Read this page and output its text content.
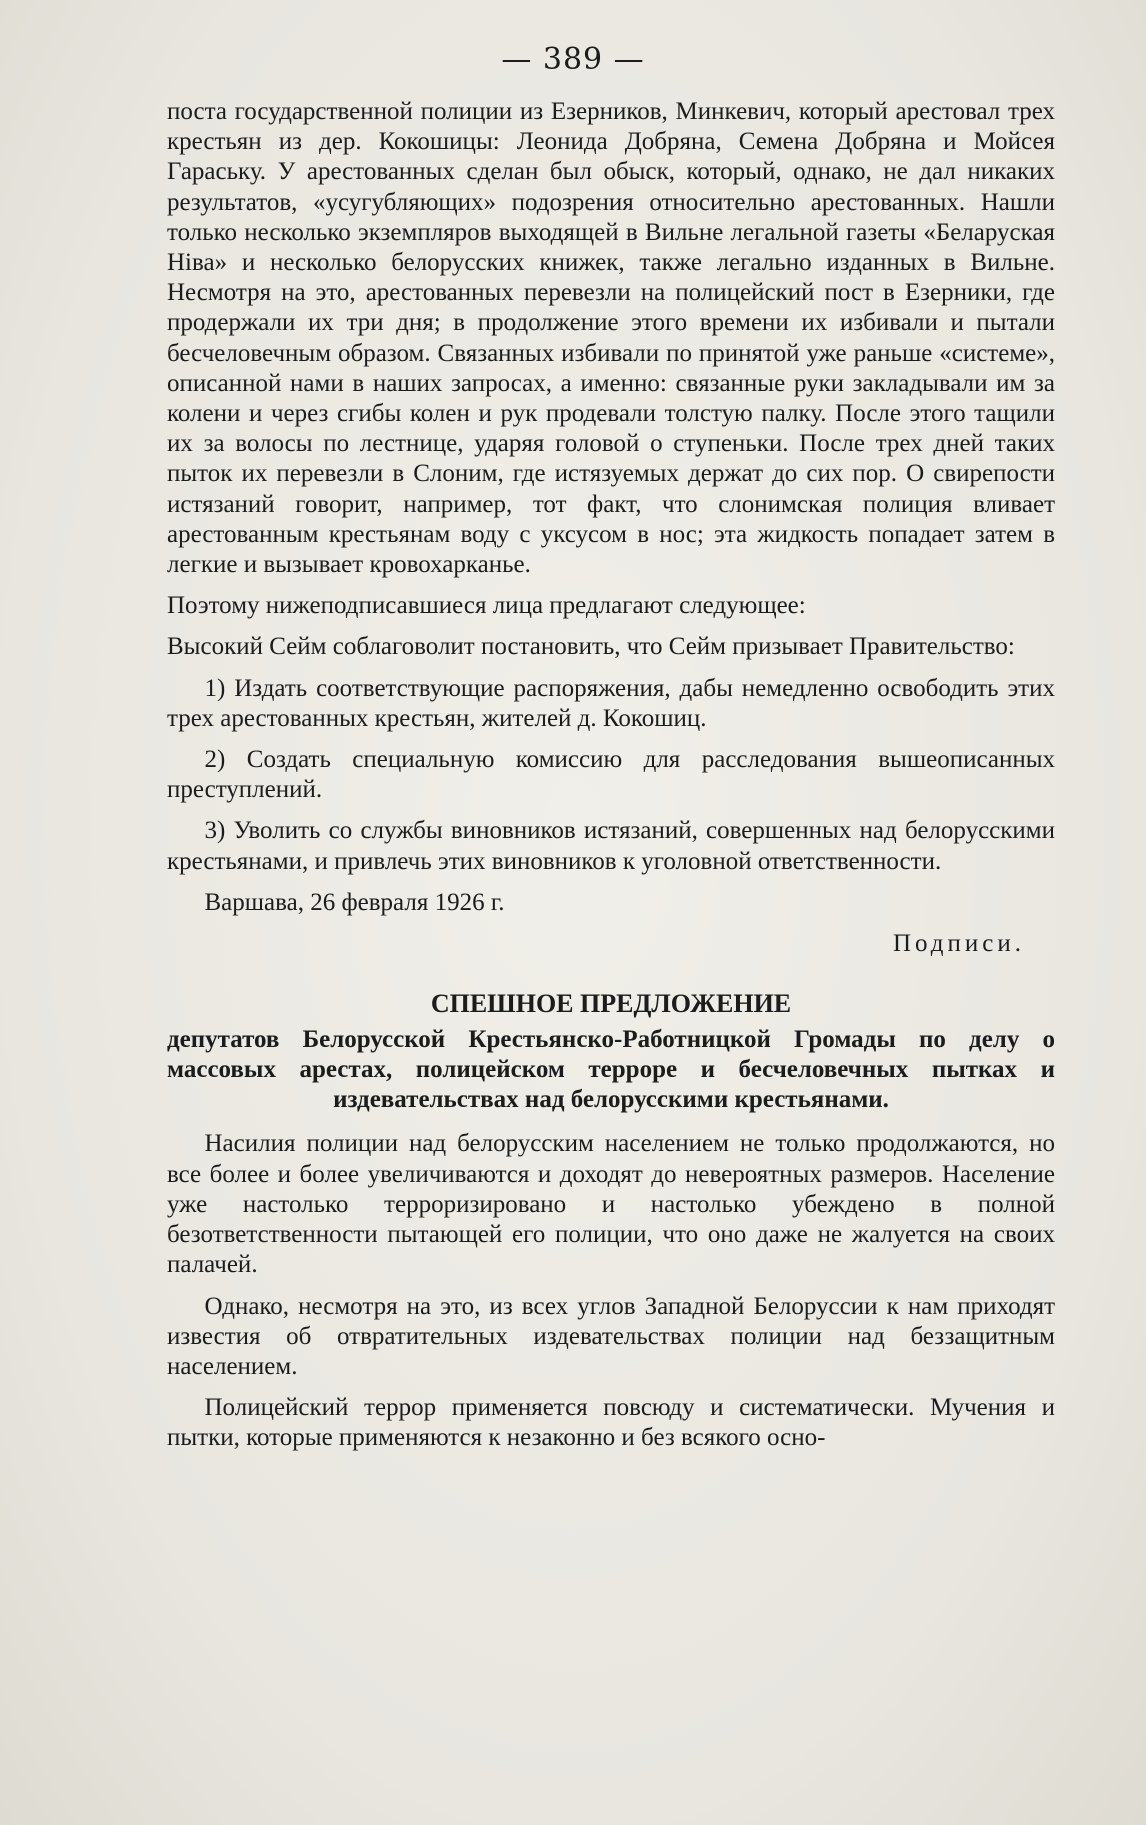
— 389 —

поста государственной полиции из Езерников, Минкевич, который арестовал трех крестьян из дер. Кокошицы: Леонида Добряна, Семена Добряна и Мойсея Гараську. У арестованных сделан был обыск, который, однако, не дал никаких результатов, «усугубляющих» подозрения относительно арестованных. Нашли только несколько экземпляров выходящей в Вильне легальной газеты «Беларуская Ніва» и несколько белорусских книжек, также легально изданных в Вильне. Несмотря на это, арестованных перевезли на полицейский пост в Езерники, где продержали их три дня; в продолжение этого времени их избивали и пытали бесчеловечным образом. Связанных избивали по принятой уже раньше «системе», описанной нами в наших запросах, а именно: связанные руки закладывали им за колени и через сгибы колен и рук продевали толстую палку. После этого тащили их за волосы по лестнице, ударяя головой о ступеньки. После трех дней таких пыток их перевезли в Слоним, где истязуемых держат до сих пор. О свирепости истязаний говорит, например, тот факт, что слонимская полиция вливает арестованным крестьянам воду с уксусом в нос; эта жидкость попадает затем в легкие и вызывает кровохарканье.

Поэтому нижеподписавшиеся лица предлагают следующее:

Высокий Сейм соблаговолит постановить, что Сейм призывает Правительство:

1) Издать соответствующие распоряжения, дабы немедленно освободить этих трех арестованных крестьян, жителей д. Кокошиц.

2) Создать специальную комиссию для расследования вышеописанных преступлений.

3) Уволить со службы виновников истязаний, совершенных над белорусскими крестьянами, и привлечь этих виновников к уголовной ответственности.

Варшава, 26 февраля 1926 г.

Подписи.

СПЕШНОЕ ПРЕДЛОЖЕНИЕ

депутатов Белорусской Крестьянско-Работницкой Громады по делу о массовых арестах, полицейском терроре и бесчеловечных пытках и издевательствах над белорусскими крестьянами.

Насилия полиции над белорусским населением не только продолжаются, но все более и более увеличиваются и доходят до невероятных размеров. Население уже настолько терроризировано и настолько убеждено в полной безответственности пытающей его полиции, что оно даже не жалуется на своих палачей.

Однако, несмотря на это, из всех углов Западной Белоруссии к нам приходят известия об отвратительных издевательствах полиции над беззащитным населением.

Полицейский террор применяется повсюду и систематически. Мучения и пытки, которые применяются к незаконно и без всякого осно-
